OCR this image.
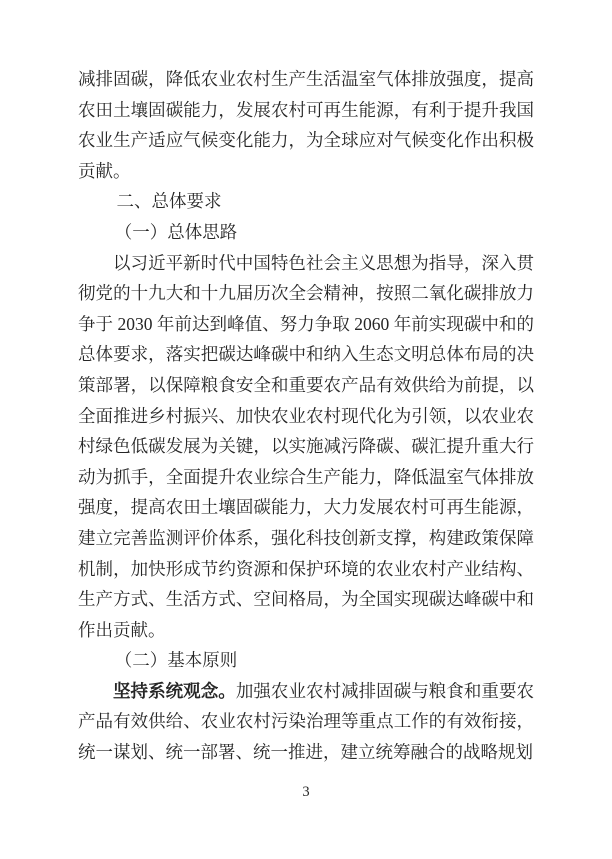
减排固碳，降低农业农村生产生活温室气体排放强度，提高农田土壤固碳能力，发展农村可再生能源，有利于提升我国农业生产适应气候变化能力，为全球应对气候变化作出积极贡献。

二、总体要求
（一）总体思路

以习近平新时代中国特色社会主义思想为指导，深入贯彻党的十九大和十九届历次全会精神，按照二氧化碳排放力争于 2030 年前达到峰值、努力争取 2060 年前实现碳中和的总体要求，落实把碳达峰碳中和纳入生态文明总体布局的决策部署，以保障粮食安全和重要农产品有效供给为前提，以全面推进乡村振兴、加快农业农村现代化为引领，以农业农村绿色低碳发展为关键，以实施减污降碳、碳汇提升重大行动为抓手，全面提升农业综合生产能力，降低温室气体排放强度，提高农田土壤固碳能力，大力发展农村可再生能源，建立完善监测评价体系，强化科技创新支撑，构建政策保障机制，加快形成节约资源和保护环境的农业农村产业结构、生产方式、生活方式、空间格局，为全国实现碳达峰碳中和作出贡献。

（二）基本原则

坚持系统观念。加强农业农村减排固碳与粮食和重要农产品有效供给、农业农村污染治理等重点工作的有效衔接，统一谋划、统一部署、统一推进，建立统筹融合的战略规划

3
